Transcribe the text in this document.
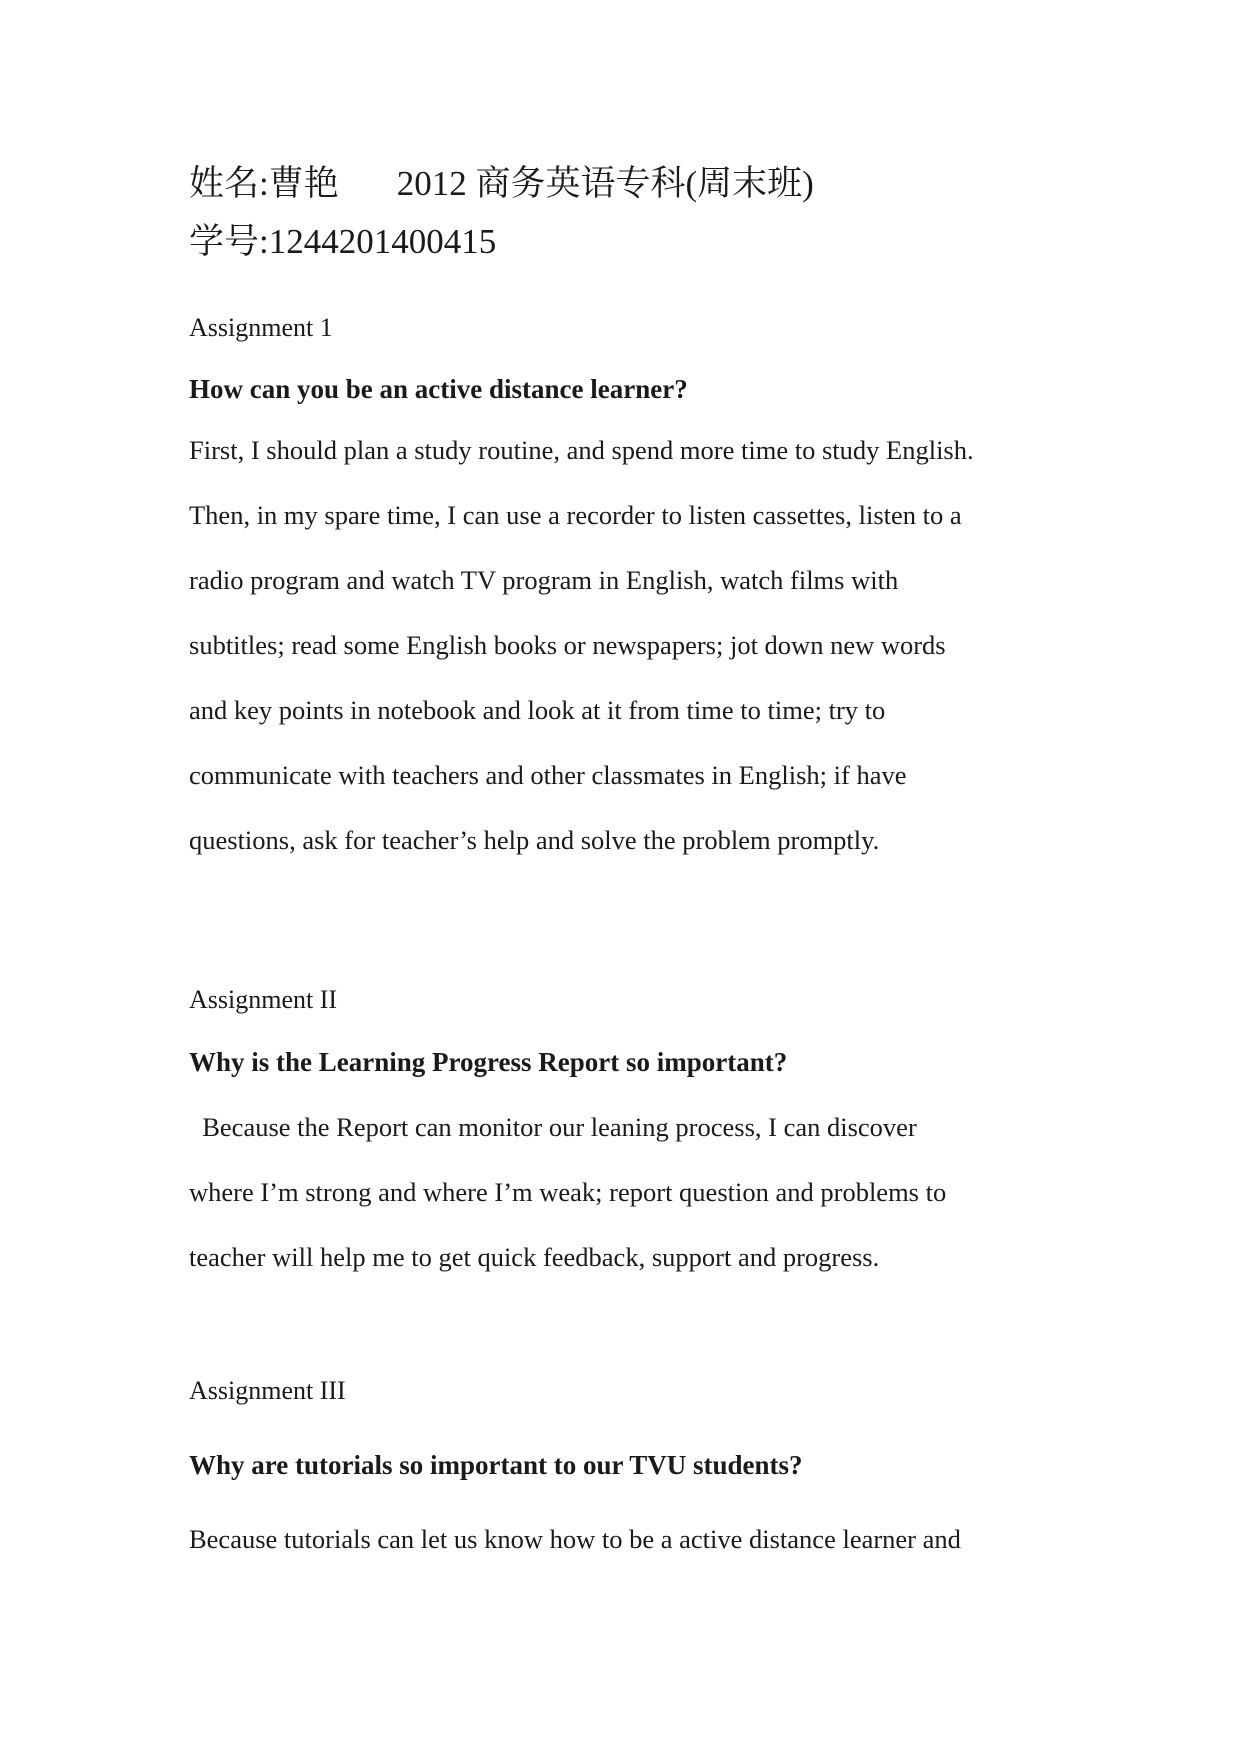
姓名:曹艳 2012 商务英语专科(周末班)
学号:1244201400415
Assignment 1
How can you be an active distance learner?
First, I should plan a study routine, and spend more time to study English.
Then, in my spare time, I can use a recorder to listen cassettes, listen to a
radio program and watch TV program in English, watch films with
subtitles; read some English books or newspapers; jot down new words
and key points in notebook and look at it from time to time; try to
communicate with teachers and other classmates in English; if have
questions, ask for teacher’s help and solve the problem promptly.
Assignment II
Why is the Learning Progress Report so important?
Because the Report can monitor our leaning process, I can discover
where I’m strong and where I’m weak; report question and problems to
teacher will help me to get quick feedback, support and progress.
Assignment III
Why are tutorials so important to our TVU students?
Because tutorials can let us know how to be a active distance learner and
